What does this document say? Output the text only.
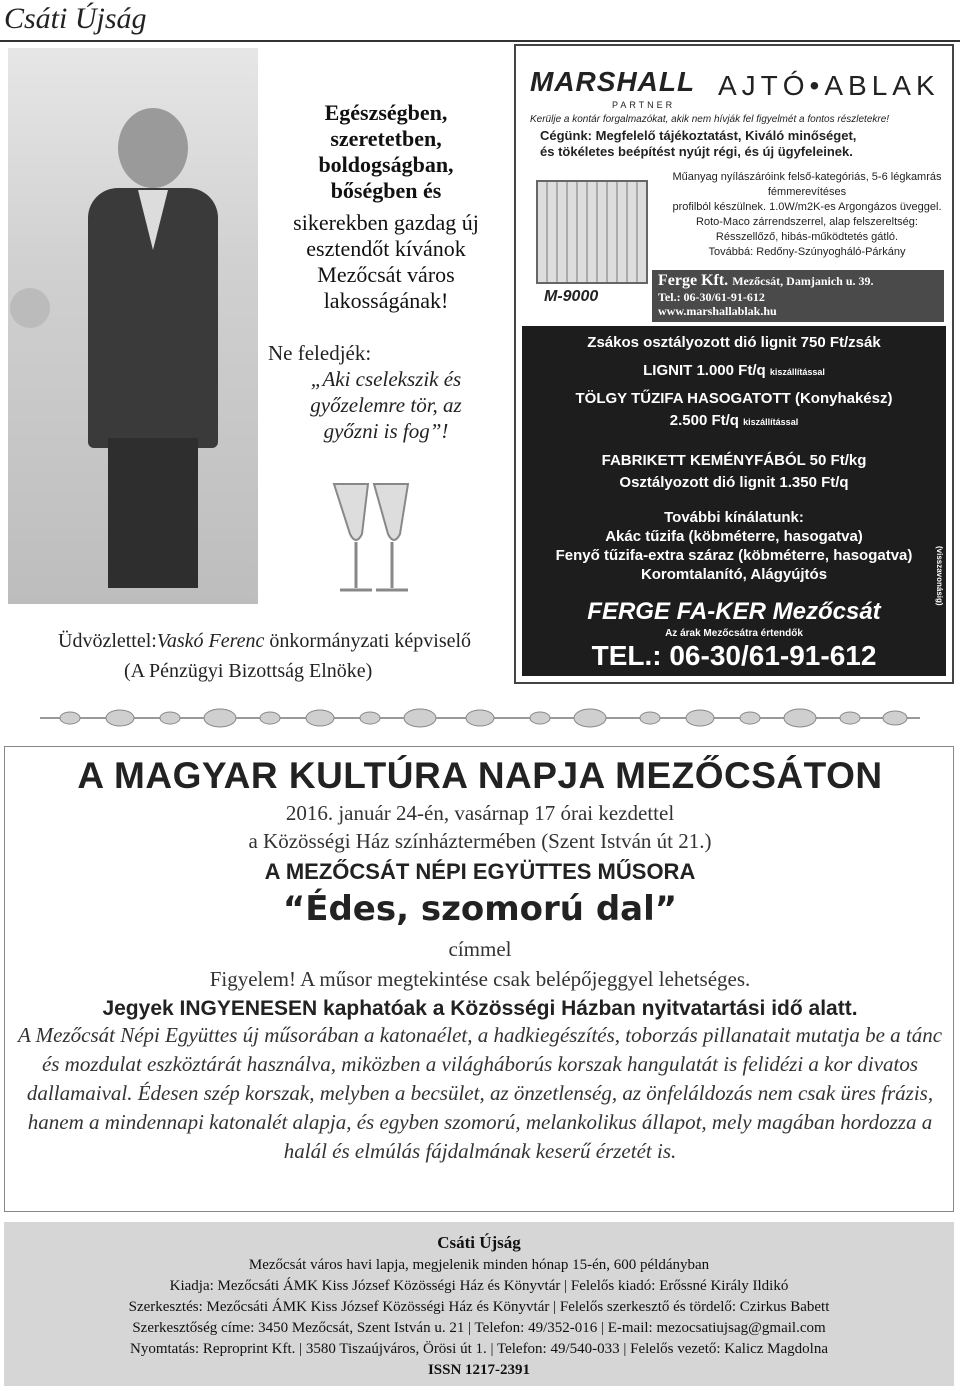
Csáti Újság
Egészségben,
szeretetben,
boldogságban,
bőségben és
sikerekben gazdag új
esztendőt kívánok
Mezőcsát város
lakosságának!
Ne feledjék:
„Aki cselekszik és
győzelemre tör, az
győzni is fog”!
Üdvözlettel:Vaskó Ferenc önkormányzati képviselő
(A Pénzügyi Bizottság Elnöke)
MARSHALL
PARTNER
AJTÓ•ABLAK
Kerülje a kontár forgalmazókat, akik nem hívják fel figyelmét a fontos részletekre!
Cégünk: Megfelelő tájékoztatást, Kiváló minőséget,
és tökéletes beépítést nyújt régi, és új ügyfeleinek.
Műanyag nyílászáróink felső-kategóriás, 5-6 légkamrás fémmerevítéses
profilból készülnek. 1.0W/m2K-es Argongázos üveggel.
Roto-Maco zárrendszerrel, alap felszereltség:
Résszellőző, hibás-működtetés gátló.
Továbbá: Redőny-Szúnyogháló-Párkány
M-9000
Ferge Kft. Mezőcsát, Damjanich u. 39.
Tel.: 06-30/61-91-612
www.marshallablak.hu
Zsákos osztályozott dió lignit 750 Ft/zsák
LIGNIT 1.000 Ft/q kiszállítással
TÖLGY TŰZIFA HASOGATOTT (Konyhakész)
2.500 Ft/q kiszállítással
FABRIKETT KEMÉNYFÁBÓL 50 Ft/kg
Osztályozott dió lignit 1.350 Ft/q
További kínálatunk:
Akác tűzifa (köbméterre, hasogatva)
Fenyő tűzifa-extra száraz (köbméterre, hasogatva)
Koromtalanító, Alágyújtós
FERGE FA-KER Mezőcsát
Az árak Mezőcsátra értendők
TEL.: 06-30/61-91-612
(visszavonásig)
A MAGYAR KULTÚRA NAPJA MEZŐCSÁTON
2016. január 24-én, vasárnap 17 órai kezdettel
a Közösségi Ház színháztermében (Szent István út 21.)
A MEZŐCSÁT NÉPI EGYÜTTES MŰSORA
“Édes, szomorú dal”
címmel
Figyelem! A műsor megtekintése csak belépőjeggyel lehetséges.
Jegyek INGYENESEN kaphatóak a Közösségi Házban nyitvatartási idő alatt.
A Mezőcsát Népi Együttes új műsorában a katonaélet, a hadkiegészítés, toborzás pillanatait mutatja be a tánc és mozdulat eszköztárát használva, miközben a világháborús korszak hangulatát is felidézi a kor divatos dallamaival. Édesen szép korszak, melyben a becsület, az önzetlenség, az önfeláldozás nem csak üres frázis, hanem a mindennapi katonalét alapja, és egyben szomorú, melankolikus állapot, mely magában hordozza a halál és elmúlás fájdalmának keserű érzetét is.
Csáti Újság
Mezőcsát város havi lapja, megjelenik minden hónap 15-én, 600 példányban
Kiadja: Mezőcsáti ÁMK Kiss József Közösségi Ház és Könyvtár | Felelős kiadó: Erőssné Király Ildikó
Szerkesztés: Mezőcsáti ÁMK Kiss József Közösségi Ház és Könyvtár | Felelős szerkesztő és tördelő: Czirkus Babett
Szerkesztőség címe: 3450 Mezőcsát, Szent István u. 21 | Telefon: 49/352-016 | E-mail: mezocsatiujsag@gmail.com
Nyomtatás: Reproprint Kft. | 3580 Tiszaújváros, Örösi út 1. | Telefon: 49/540-033 | Felelős vezető: Kalicz Magdolna
ISSN 1217-2391
